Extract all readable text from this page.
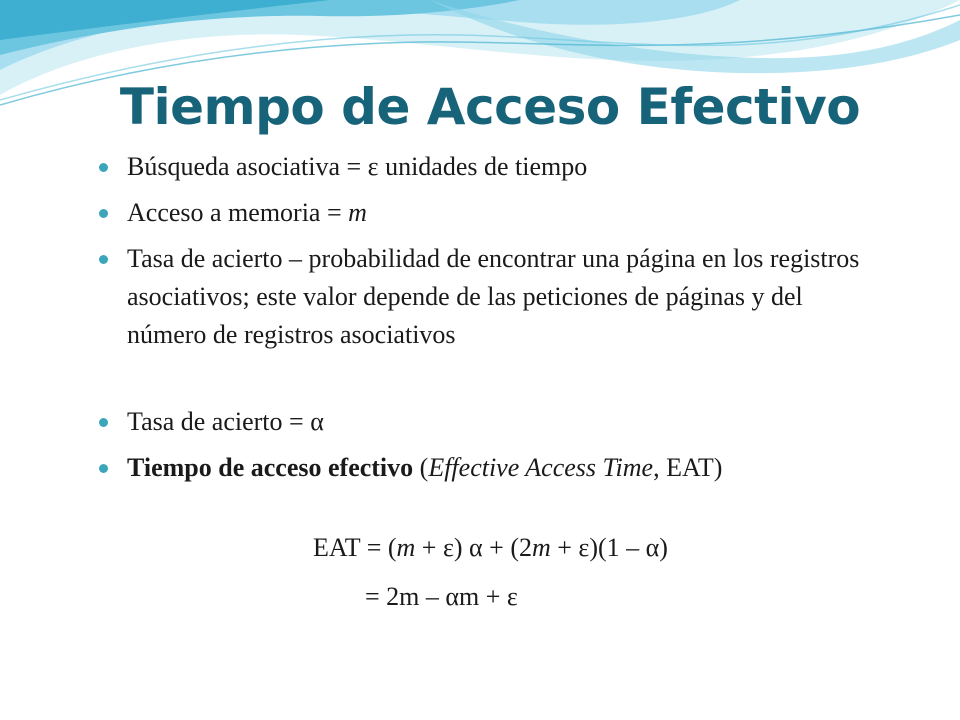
Tiempo de Acceso Efectivo
Búsqueda asociativa = ε unidades de tiempo
Acceso a memoria = m
Tasa de acierto – probabilidad de encontrar una página en los registros asociativos; este valor depende de las peticiones de páginas y del número de registros asociativos
Tasa de acierto = α
Tiempo de acceso efectivo (Effective Access Time, EAT)
EAT = (m + ε) α + (2m + ε)(1 – α)
= 2m – αm + ε
